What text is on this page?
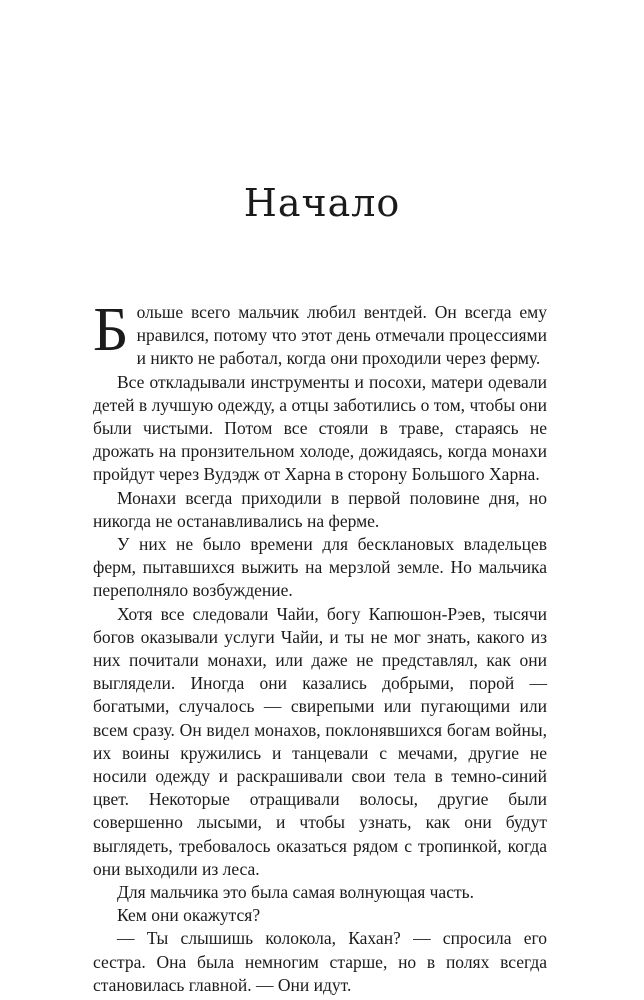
Начало

Больше всего мальчик любил вентдей. Он всегда ему нравился, потому что этот день отмечали процессиями и никто не работал, когда они проходили через ферму.

Все откладывали инструменты и посохи, матери одевали детей в лучшую одежду, а отцы заботились о том, чтобы они были чистыми. Потом все стояли в траве, стараясь не дрожать на пронзительном холоде, дожидаясь, когда монахи пройдут через Вудэдж от Харна в сторону Большого Харна.

Монахи всегда приходили в первой половине дня, но никогда не останавливались на ферме.

У них не было времени для бесклановых владельцев ферм, пытавшихся выжить на мерзлой земле. Но мальчика переполняло возбуждение.

Хотя все следовали Чайи, богу Капюшон-Рэев, тысячи богов оказывали услуги Чайи, и ты не мог знать, какого из них почитали монахи, или даже не представлял, как они выглядели. Иногда они казались добрыми, порой — богатыми, случалось — свирепыми или пугающими или всем сразу. Он видел монахов, поклонявшихся богам войны, их воины кружились и танцевали с мечами, другие не носили одежду и раскрашивали свои тела в темно-синий цвет. Некоторые отращивали волосы, другие были совершенно лысыми, и чтобы узнать, как они будут выглядеть, требовалось оказаться рядом с тропинкой, когда они выходили из леса.

Для мальчика это была самая волнующая часть.

Кем они окажутся?

— Ты слышишь колокола, Кахан? — спросила его сестра. Она была немногим старше, но в полях всегда становилась главной. — Они идут.
